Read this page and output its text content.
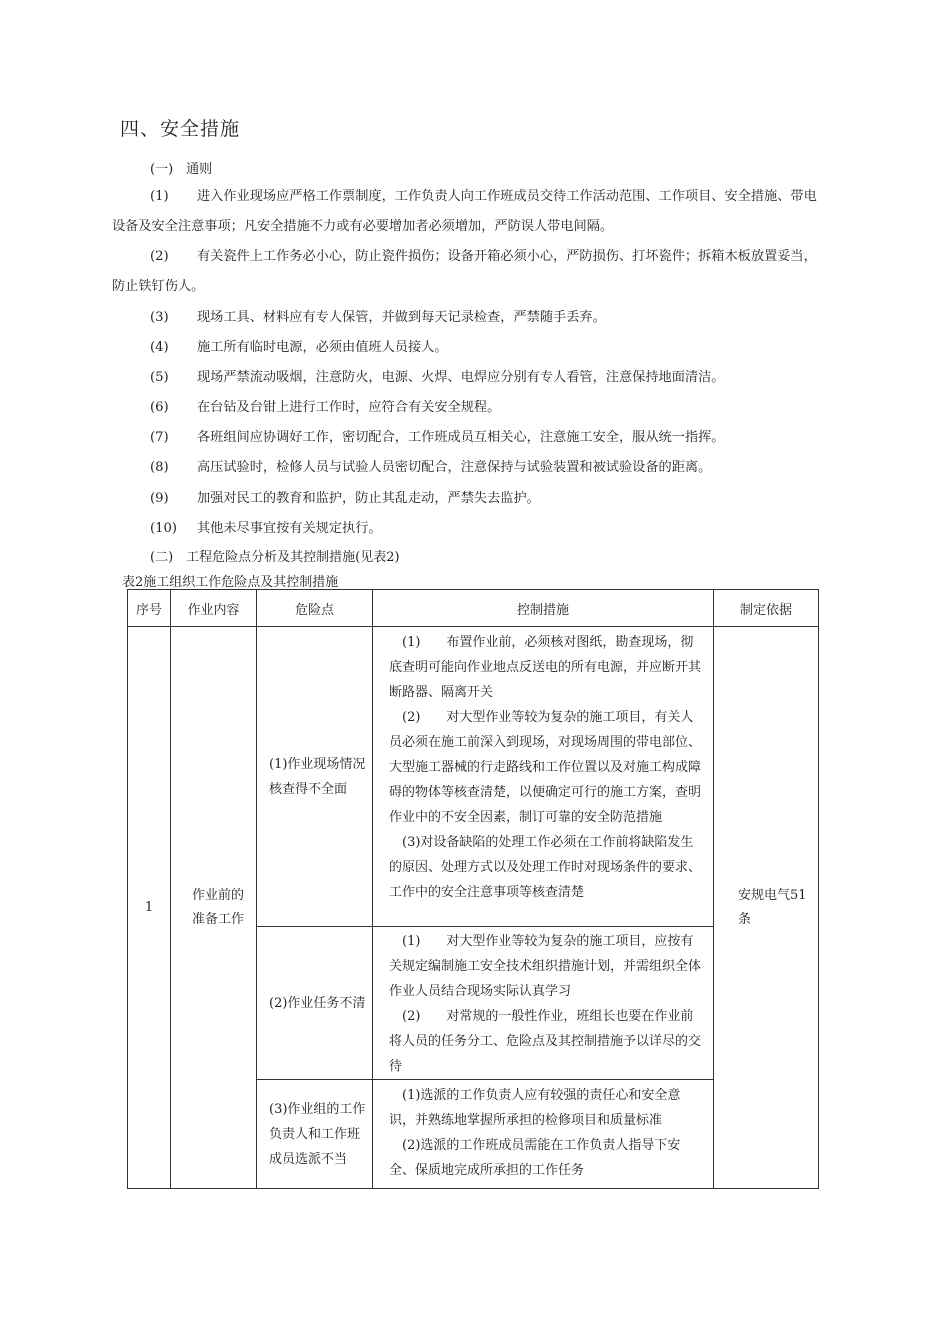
四、安全措施
(一)　通则
(1) 进入作业现场应严格工作票制度，工作负责人向工作班成员交待工作活动范围、工作项目、安全措施、带电设备及安全注意事项；凡安全措施不力或有必要增加者必须增加，严防误人带电间隔。
(2) 有关瓷件上工作务必小心，防止瓷件损伤；设备开箱必须小心，严防损伤、打坏瓷件；拆箱木板放置妥当，防止铁钉伤人。
(3) 现场工具、材料应有专人保管，并做到每天记录检查，严禁随手丢弃。
(4) 施工所有临时电源，必须由值班人员接人。
(5) 现场严禁流动吸烟，注意防火，电源、火焊、电焊应分别有专人看管，注意保持地面清洁。
(6) 在台钻及台钳上进行工作时，应符合有关安全规程。
(7) 各班组间应协调好工作，密切配合，工作班成员互相关心，注意施工安全，服从统一指挥。
(8) 高压试验时，检修人员与试验人员密切配合，注意保持与试验装置和被试验设备的距离。
(9) 加强对民工的教育和监护，防止其乱走动，严禁失去监护。
(10) 其他未尽事宜按有关规定执行。
(二)　工程危险点分析及其控制措施(见表2)
表2施工组织工作危险点及其控制措施
序号	作业内容	危险点	控制措施	制定依据
1	作业前的准备工作	(1)作业现场情况核查得不全面	(1)　　布置作业前，必须核对图纸，勘查现场，彻底查明可能向作业地点反送电的所有电源，并应断开其断路器、隔离开关

(2)　　对大型作业等较为复杂的施工项目，有关人员必须在施工前深入到现场，对现场周围的带电部位、大型施工器械的行走路线和工作位置以及对施工构成障碍的物体等核查清楚，以便确定可行的施工方案，查明作业中的不安全因素，制订可靠的安全防范措施

(3)对设备缺陷的处理工作必须在工作前将缺陷发生的原因、处理方式以及处理工作时对现场条件的要求、工作中的安全注意事项等核查清楚	安规电气51条
		(2)作业任务不清	(1)　　对大型作业等较为复杂的施工项目，应按有关规定编制施工安全技术组织措施计划，并需组织全体作业人员结合现场实际认真学习

(2)　　对常规的一般性作业，班组长也要在作业前将人员的任务分工、危险点及其控制措施予以详尽的交待	

		(3)作业组的工作负责人和工作班成员选派不当	(1)选派的工作负责人应有较强的责任心和安全意识，并熟练地掌握所承担的检修项目和质量标准

(2)选派的工作班成员需能在工作负责人指导下安全、保质地完成所承担的工作任务	
